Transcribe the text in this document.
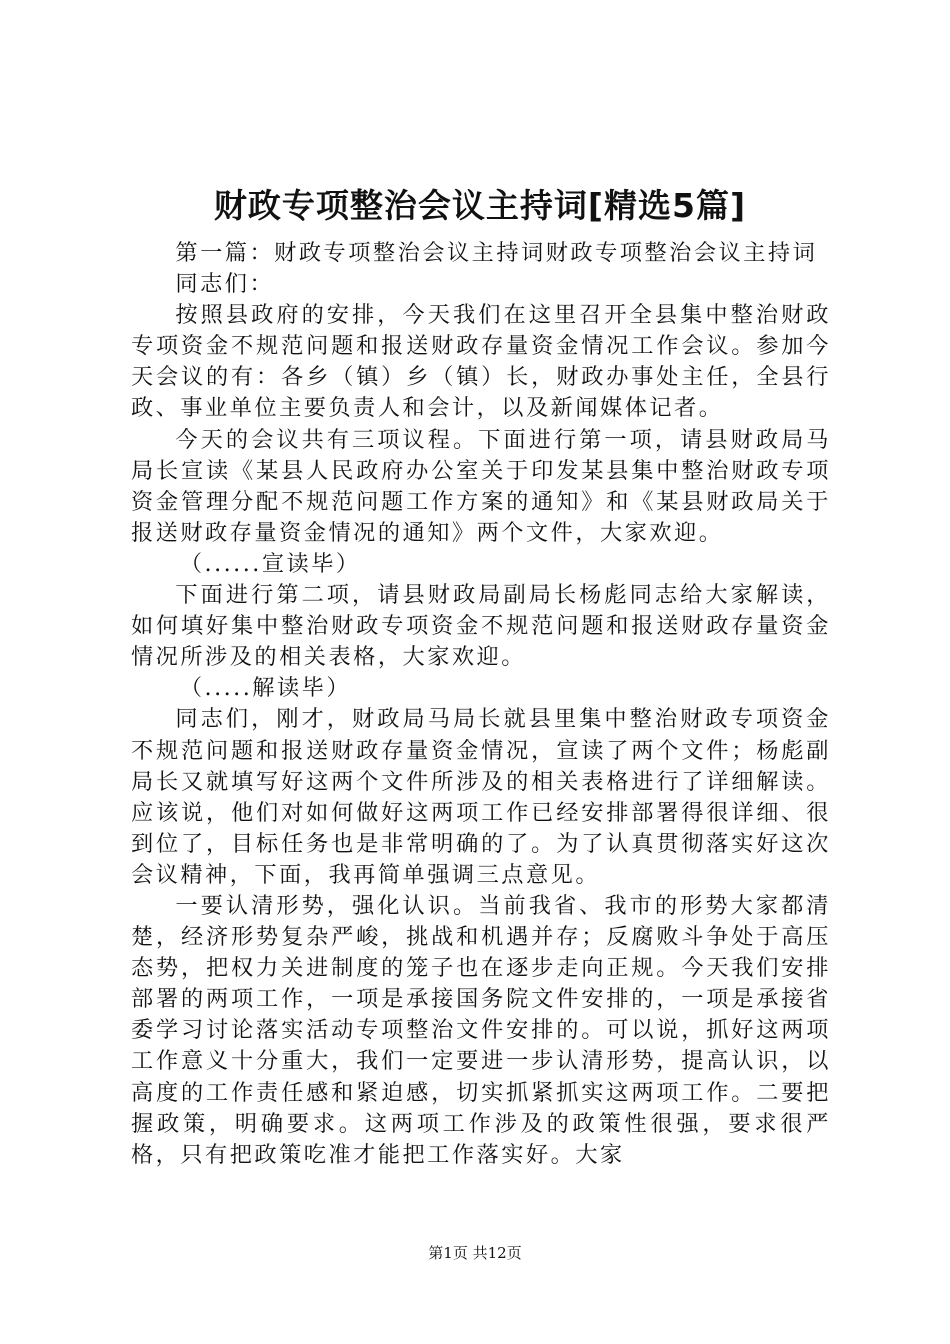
财政专项整治会议主持词[精选5篇]

第一篇：财政专项整治会议主持词财政专项整治会议主持词

同志们：

按照县政府的安排，今天我们在这里召开全县集中整治财政专项资金不规范问题和报送财政存量资金情况工作会议。参加今天会议的有：各乡（镇）乡（镇）长，财政办事处主任，全县行政、事业单位主要负责人和会计，以及新闻媒体记者。

今天的会议共有三项议程。下面进行第一项，请县财政局马局长宣读《某县人民政府办公室关于印发某县集中整治财政专项资金管理分配不规范问题工作方案的通知》和《某县财政局关于报送财政存量资金情况的通知》两个文件，大家欢迎。

（......宣读毕）

下面进行第二项，请县财政局副局长杨彪同志给大家解读，如何填好集中整治财政专项资金不规范问题和报送财政存量资金情况所涉及的相关表格，大家欢迎。

（.....解读毕）

同志们，刚才，财政局马局长就县里集中整治财政专项资金不规范问题和报送财政存量资金情况，宣读了两个文件；杨彪副局长又就填写好这两个文件所涉及的相关表格进行了详细解读。应该说，他们对如何做好这两项工作已经安排部署得很详细、很到位了，目标任务也是非常明确的了。为了认真贯彻落实好这次会议精神，下面，我再简单强调三点意见。

一要认清形势，强化认识。当前我省、我市的形势大家都清楚，经济形势复杂严峻，挑战和机遇并存；反腐败斗争处于高压态势，把权力关进制度的笼子也在逐步走向正规。今天我们安排部署的两项工作，一项是承接国务院文件安排的，一项是承接省委学习讨论落实活动专项整治文件安排的。可以说，抓好这两项工作意义十分重大，我们一定要进一步认清形势，提高认识，以高度的工作责任感和紧迫感，切实抓紧抓实这两项工作。二要把握政策，明确要求。这两项工作涉及的政策性很强，要求很严格，只有把政策吃准才能把工作落实好。大家

第1页 共12页
